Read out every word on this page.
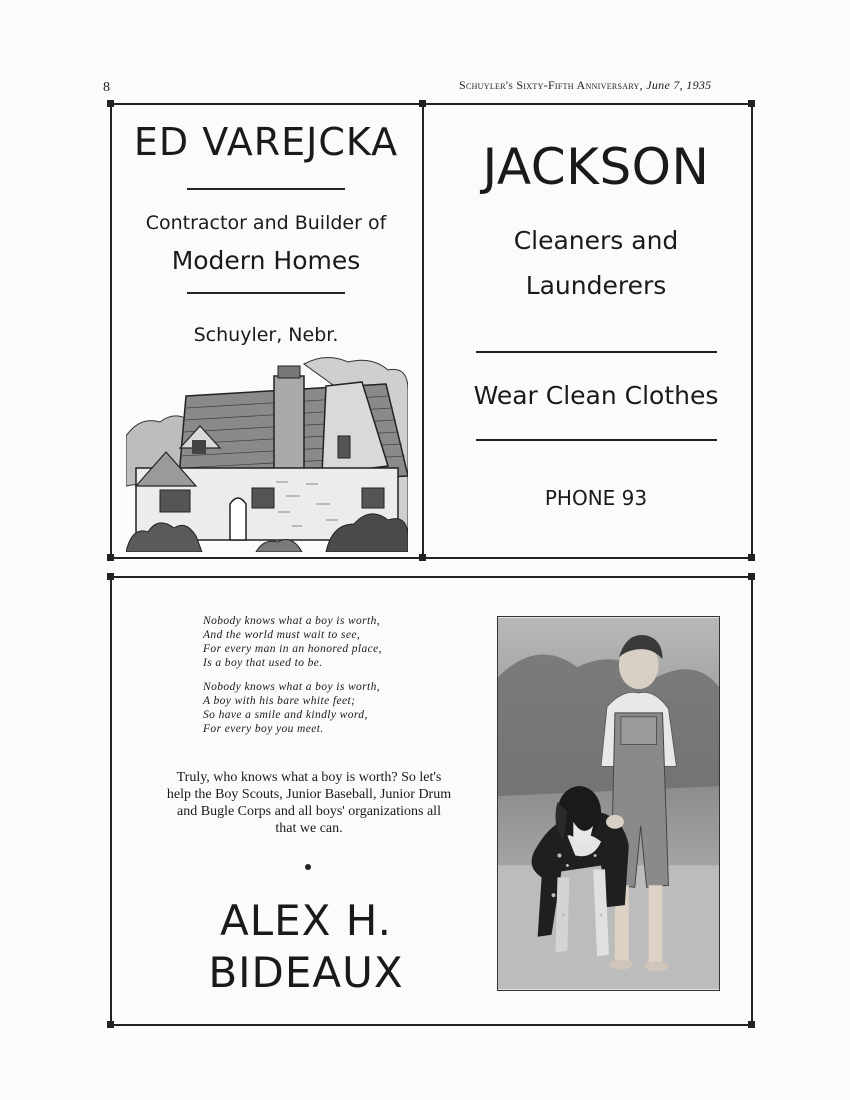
8	Schuyler's Sixty-Fifth Anniversary, June 7, 1935
ED VAREJCKA
Contractor and Builder of
Modern Homes
Schuyler, Nebr.
JACKSON
Cleaners and
Launderers
Wear Clean Clothes
PHONE 93
Nobody knows what a boy is worth,
And the world must wait to see,
For every man in an honored place,
Is a boy that used to be.
Nobody knows what a boy is worth,
A boy with his bare white feet;
So have a smile and kindly word,
For every boy you meet.
Truly, who knows what a boy is worth? So let's
help the Boy Scouts, Junior Baseball, Junior Drum
and Bugle Corps and all boys' organizations all
that we can.
ALEX H.
BIDEAUX
